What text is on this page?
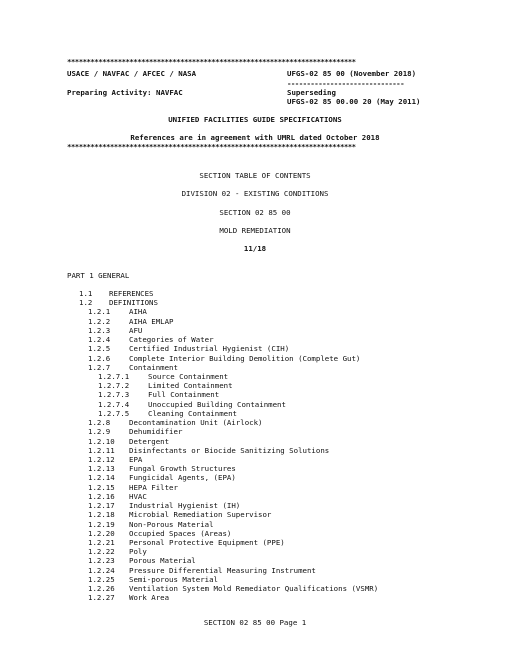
**************************************************************************
USACE / NAVFAC / AFCEC / NASA	UFGS-02 85 00 (November 2018)
------------------------------
Preparing Activity: NAVFAC	Superseding
UFGS-02 85 00.00 20 (May 2011)
UNIFIED FACILITIES GUIDE SPECIFICATIONS
References are in agreement with UMRL dated October 2018
**************************************************************************
SECTION TABLE OF CONTENTS
DIVISION 02 - EXISTING CONDITIONS
SECTION 02 85 00
MOLD REMEDIATION
11/18
PART 1 GENERAL
1.1 REFERENCES
1.2 DEFINITIONS
1.2.1	AIHA
1.2.2	AIHA EMLAP
1.2.3	AFU
1.2.4	Categories of Water
1.2.5	Certified Industrial Hygienist (CIH)
1.2.6	Complete Interior Building Demolition (Complete Gut)
1.2.7	Containment
1.2.7.1	Source Containment
1.2.7.2	Limited Containment
1.2.7.3	Full Containment
1.2.7.4	Unoccupied Building Containment
1.2.7.5	Cleaning Containment
1.2.8	Decontamination Unit (Airlock)
1.2.9	Dehumidifier
1.2.10 Detergent
1.2.11 Disinfectants or Biocide Sanitizing Solutions
1.2.12 EPA
1.2.13 Fungal Growth Structures
1.2.14 Fungicidal Agents, (EPA)
1.2.15 HEPA Filter
1.2.16 HVAC
1.2.17 Industrial Hygienist (IH)
1.2.18 Microbial Remediation Supervisor
1.2.19 Non-Porous Material
1.2.20 Occupied Spaces (Areas)
1.2.21 Personal Protective Equipment (PPE)
1.2.22 Poly
1.2.23 Porous Material
1.2.24 Pressure Differential Measuring Instrument
1.2.25 Semi-porous Material
1.2.26 Ventilation System Mold Remediator Qualifications (VSMR)
1.2.27 Work Area
SECTION 02 85 00 Page 1
